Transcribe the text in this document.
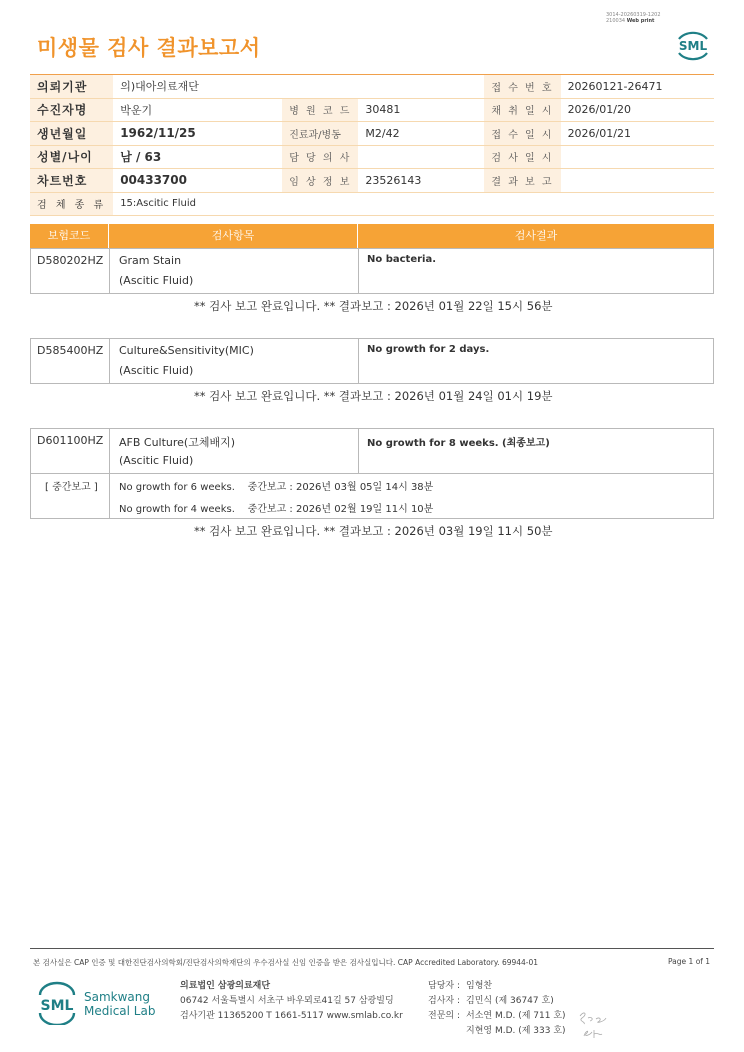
미생물 검사 결과보고서
3014-20260319-1202
210034 Web print
SML
의뢰기관	의)대아의료재단			접 수 번 호	20260121-26471
수진자명	박운기	병 원 코 드	30481	채 취 일 시	2026/01/20
생년월일	1962/11/25	진료과/병동	M2/42	접 수 일 시	2026/01/21
성별/나이	남 / 63	담 당 의 사		검 사 일 시	
차트번호	00433700	임 상 정 보	23526143	결 과 보 고	
검 체 종 류	15:Ascitic Fluid				
보험코드	검사항목	검사결과
D580202HZ Gram Stain
(Ascitic Fluid)
No bacteria.
** 검사 보고 완료입니다. ** 결과보고 : 2026년 01월 22일 15시 56분
D585400HZ Culture&Sensitivity(MIC)
(Ascitic Fluid)
No growth for 2 days.
** 검사 보고 완료입니다. ** 결과보고 : 2026년 01월 24일 01시 19분
D601100HZ AFB Culture(고체배지)
(Ascitic Fluid)
No growth for 8 weeks. (최종보고)
[ 중간보고 ] No growth for 6 weeks.    중간보고 : 2026년 03월 05일 14시 38분
No growth for 4 weeks.    중간보고 : 2026년 02월 19일 11시 10분
** 검사 보고 완료입니다. ** 결과보고 : 2026년 03월 19일 11시 50분
본 검사실은 CAP 인증 및 대한진단검사의학회/진단검사의학재단의 우수검사실 신임 인증을 받은 검사실입니다. CAP Accredited Laboratory. 69944-01	Page 1 of 1
SML
Samkwang
Medical Lab
의료법인 삼광의료재단
06742 서울특별시 서초구 바우뫼로41길 57 삼광빌딩
검사기관 11365200 T 1661-5117 www.smlab.co.kr
담당자 : 임형찬
검사자 : 김민식 (제 36747 호)
전문의 : 서소연 M.D. (제 711 호)
지현영 M.D. (제 333 호)
